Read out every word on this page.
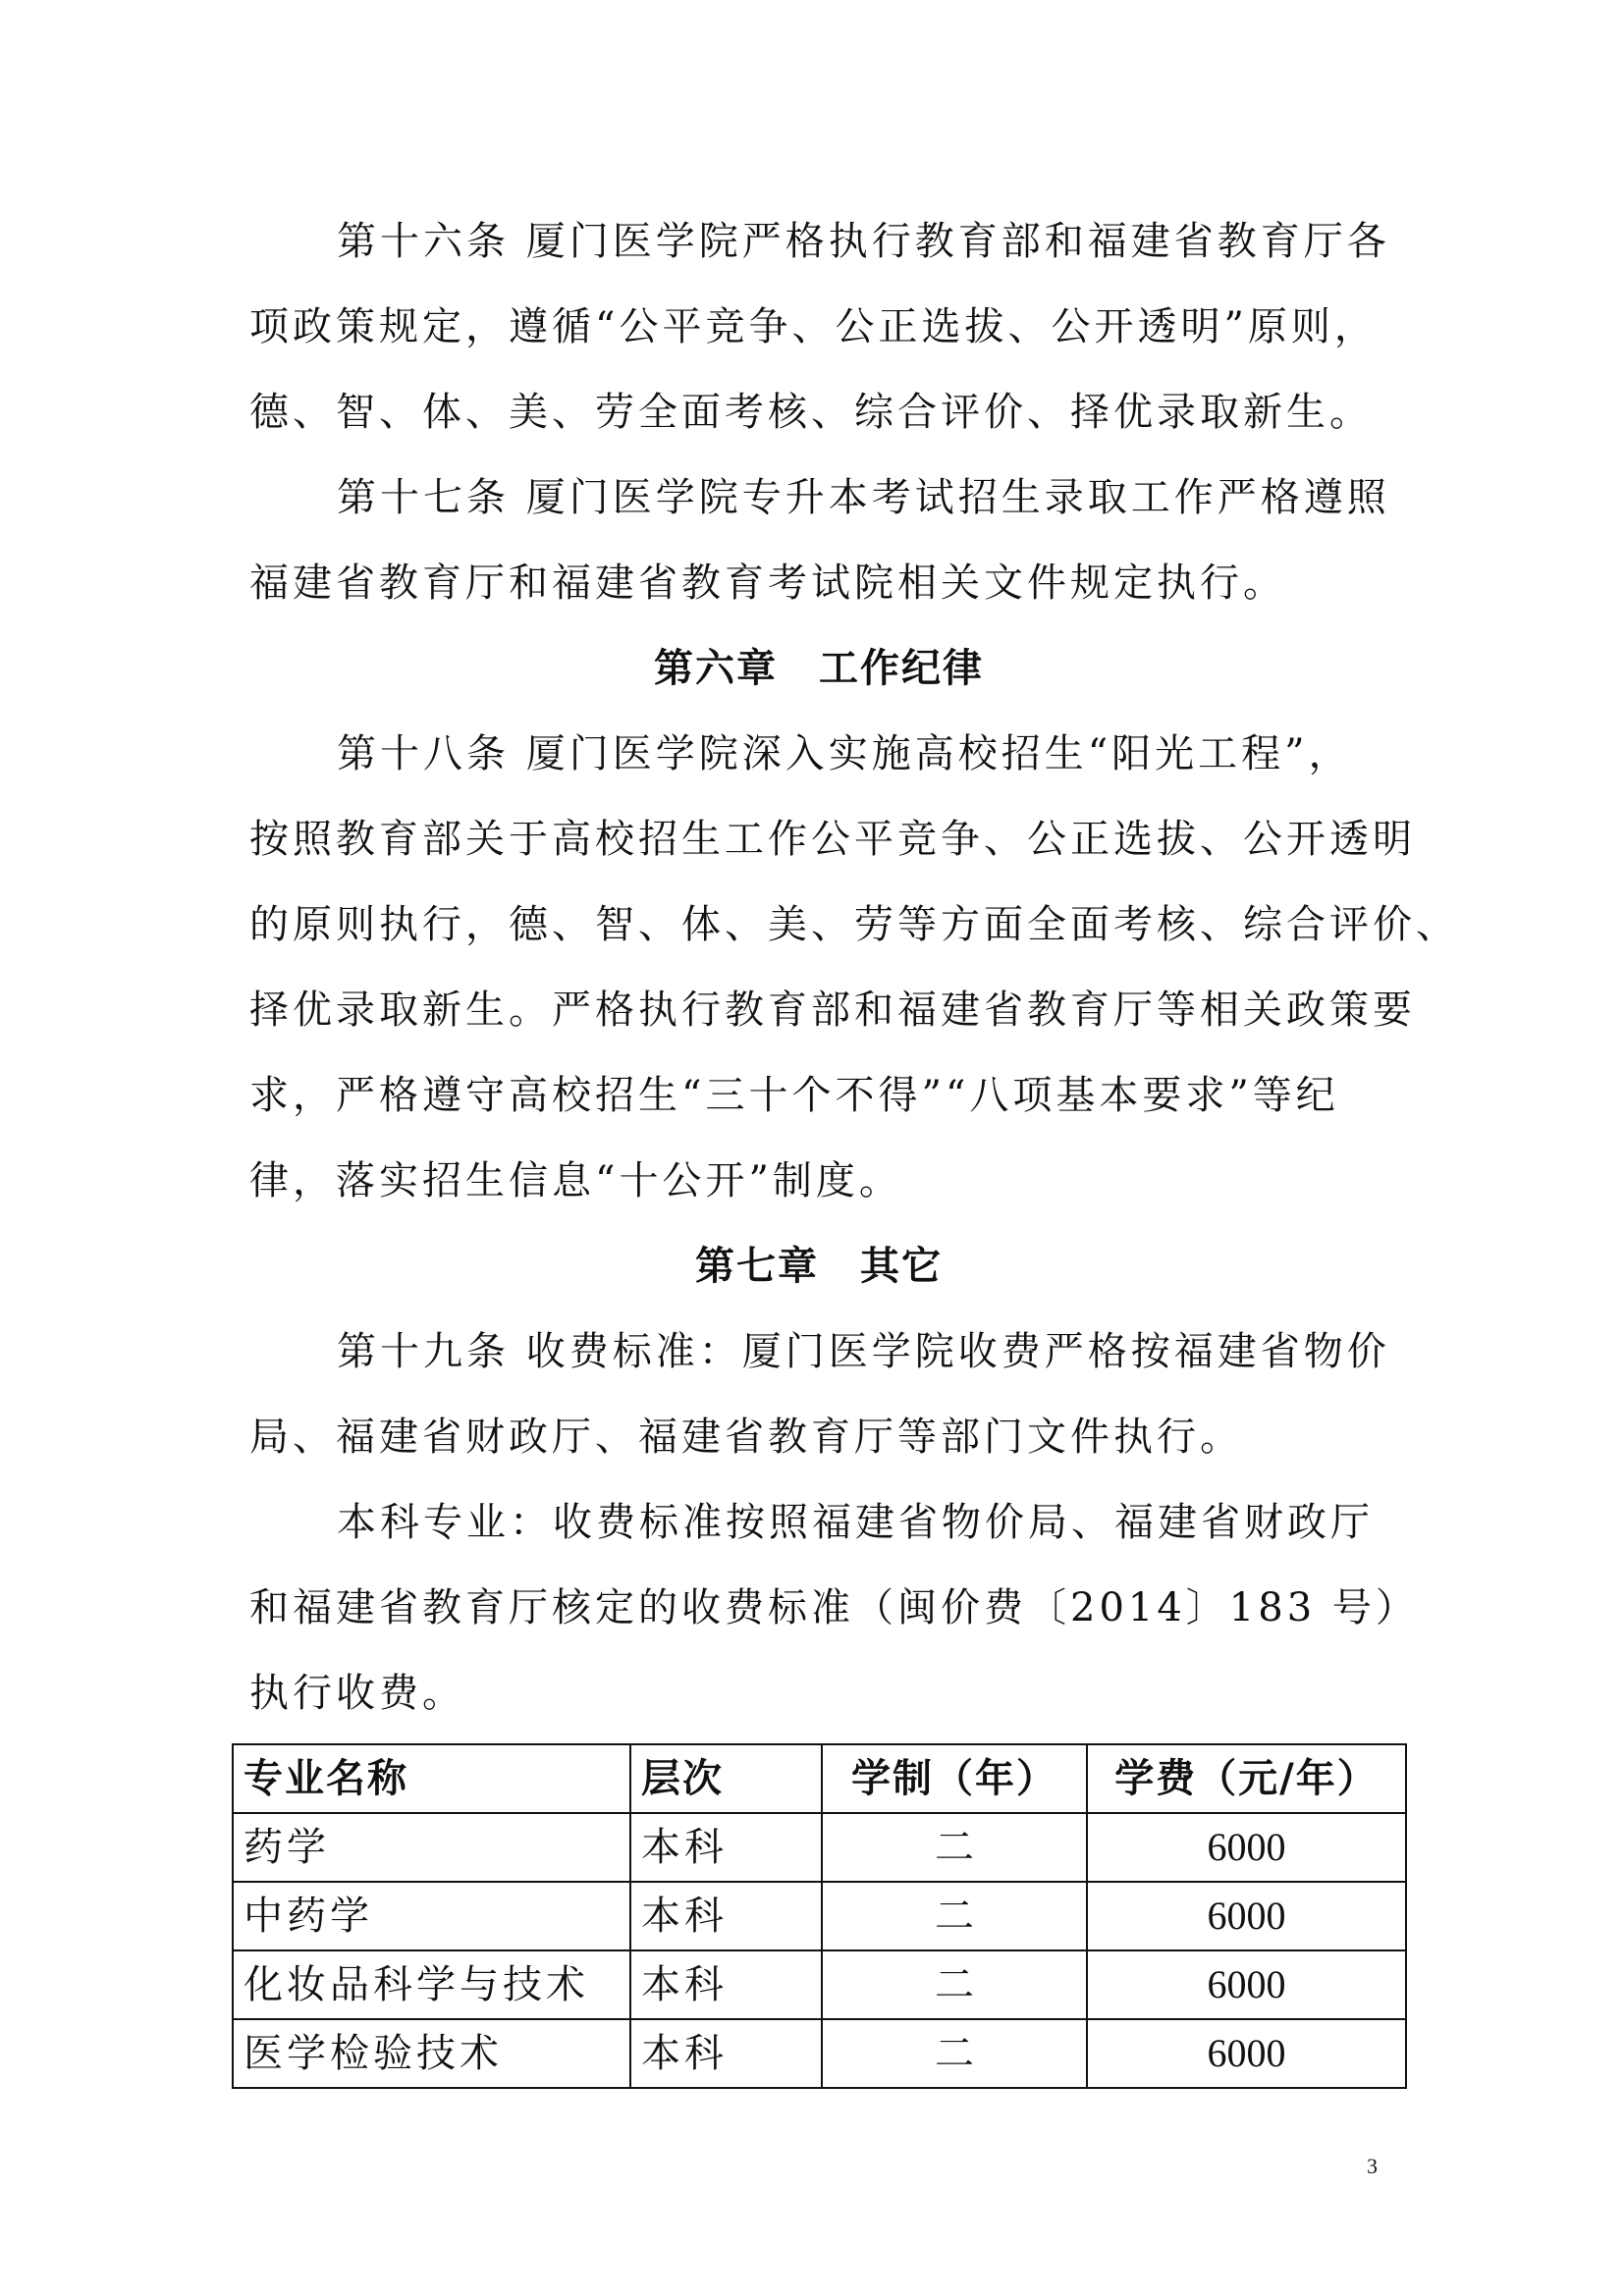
第十六条 厦门医学院严格执行教育部和福建省教育厅各
项政策规定，遵循“公平竞争、公正选拔、公开透明”原则，
德、智、体、美、劳全面考核、综合评价、择优录取新生。
第十七条 厦门医学院专升本考试招生录取工作严格遵照
福建省教育厅和福建省教育考试院相关文件规定执行。
第六章　工作纪律
第十八条 厦门医学院深入实施高校招生“阳光工程”，
按照教育部关于高校招生工作公平竞争、公正选拔、公开透明
的原则执行，德、智、体、美、劳等方面全面考核、综合评价、
择优录取新生。严格执行教育部和福建省教育厅等相关政策要
求，严格遵守高校招生“三十个不得”“八项基本要求”等纪
律，落实招生信息“十公开”制度。
第七章　其它
第十九条 收费标准：厦门医学院收费严格按福建省物价
局、福建省财政厅、福建省教育厅等部门文件执行。
本科专业：收费标准按照福建省物价局、福建省财政厅
和福建省教育厅核定的收费标准（闽价费〔2014〕183 号）
执行收费。
专业名称	层次	学制（年）	学费（元/年）
药学	本科	二	6000
中药学	本科	二	6000
化妆品科学与技术	本科	二	6000
医学检验技术	本科	二	6000
3
